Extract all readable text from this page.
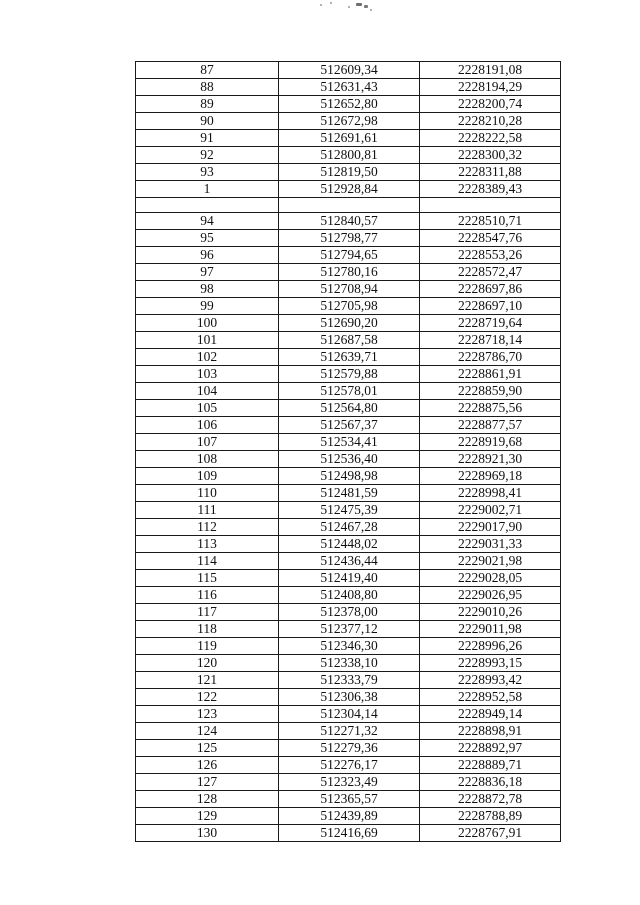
87	512609,34	2228191,08
88	512631,43	2228194,29
89	512652,80	2228200,74
90	512672,98	2228210,28
91	512691,61	2228222,58
92	512800,81	2228300,32
93	512819,50	2228311,88
1	512928,84	2228389,43

94	512840,57	2228510,71
95	512798,77	2228547,76
96	512794,65	2228553,26
97	512780,16	2228572,47
98	512708,94	2228697,86
99	512705,98	2228697,10
100	512690,20	2228719,64
101	512687,58	2228718,14
102	512639,71	2228786,70
103	512579,88	2228861,91
104	512578,01	2228859,90
105	512564,80	2228875,56
106	512567,37	2228877,57
107	512534,41	2228919,68
108	512536,40	2228921,30
109	512498,98	2228969,18
110	512481,59	2228998,41
111	512475,39	2229002,71
112	512467,28	2229017,90
113	512448,02	2229031,33
114	512436,44	2229021,98
115	512419,40	2229028,05
116	512408,80	2229026,95
117	512378,00	2229010,26
118	512377,12	2229011,98
119	512346,30	2228996,26
120	512338,10	2228993,15
121	512333,79	2228993,42
122	512306,38	2228952,58
123	512304,14	2228949,14
124	512271,32	2228898,91
125	512279,36	2228892,97
126	512276,17	2228889,71
127	512323,49	2228836,18
128	512365,57	2228872,78
129	512439,89	2228788,89
130	512416,69	2228767,91
